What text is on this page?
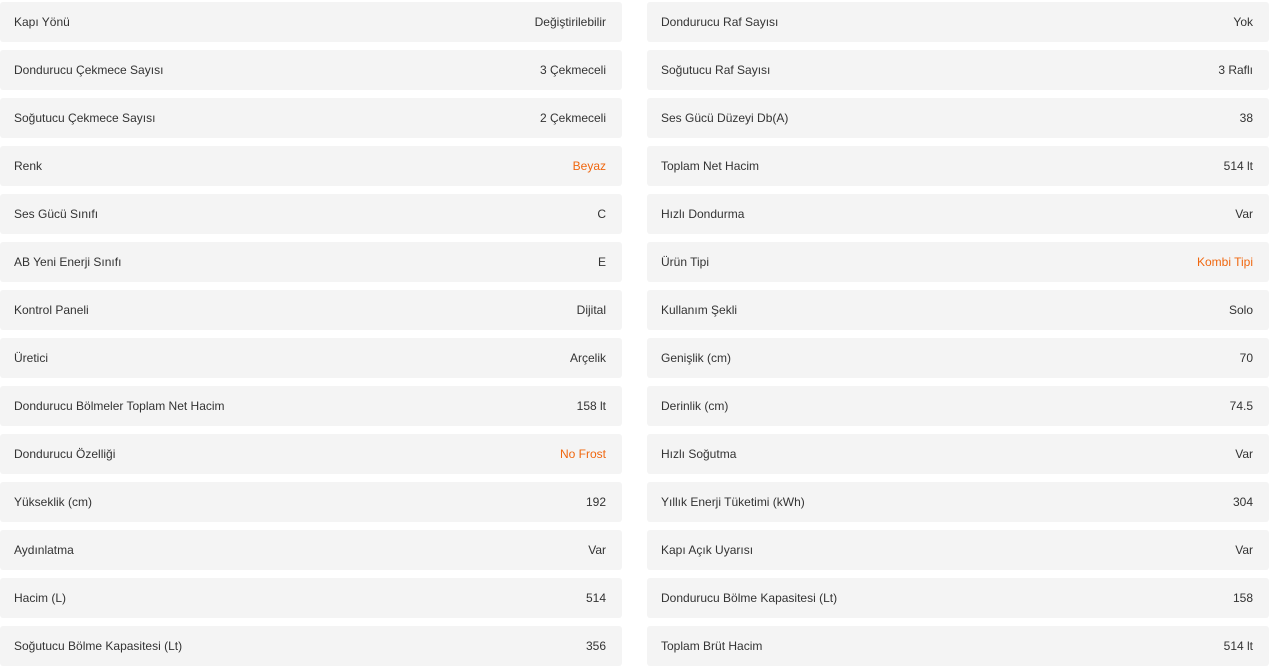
Kapı Yönü	Değiştirilebilir	Dondurucu Raf Sayısı	Yok
Dondurucu Çekmece Sayısı	3 Çekmeceli	Soğutucu Raf Sayısı	3 Raflı
Soğutucu Çekmece Sayısı	2 Çekmeceli	Ses Gücü Düzeyi Db(A)	38
Renk	Beyaz	Toplam Net Hacim	514 lt
Ses Gücü Sınıfı	C	Hızlı Dondurma	Var
AB Yeni Enerji Sınıfı	E	Ürün Tipi	Kombi Tipi
Kontrol Paneli	Dijital	Kullanım Şekli	Solo
Üretici	Arçelik	Genişlik (cm)	70
Dondurucu Bölmeler Toplam Net Hacim	158 lt	Derinlik (cm)	74.5
Dondurucu Özelliği	No Frost	Hızlı Soğutma	Var
Yükseklik (cm)	192	Yıllık Enerji Tüketimi (kWh)	304
Aydınlatma	Var	Kapı Açık Uyarısı	Var
Hacim (L)	514	Dondurucu Bölme Kapasitesi (Lt)	158
Soğutucu Bölme Kapasitesi (Lt)	356	Toplam Brüt Hacim	514 lt
